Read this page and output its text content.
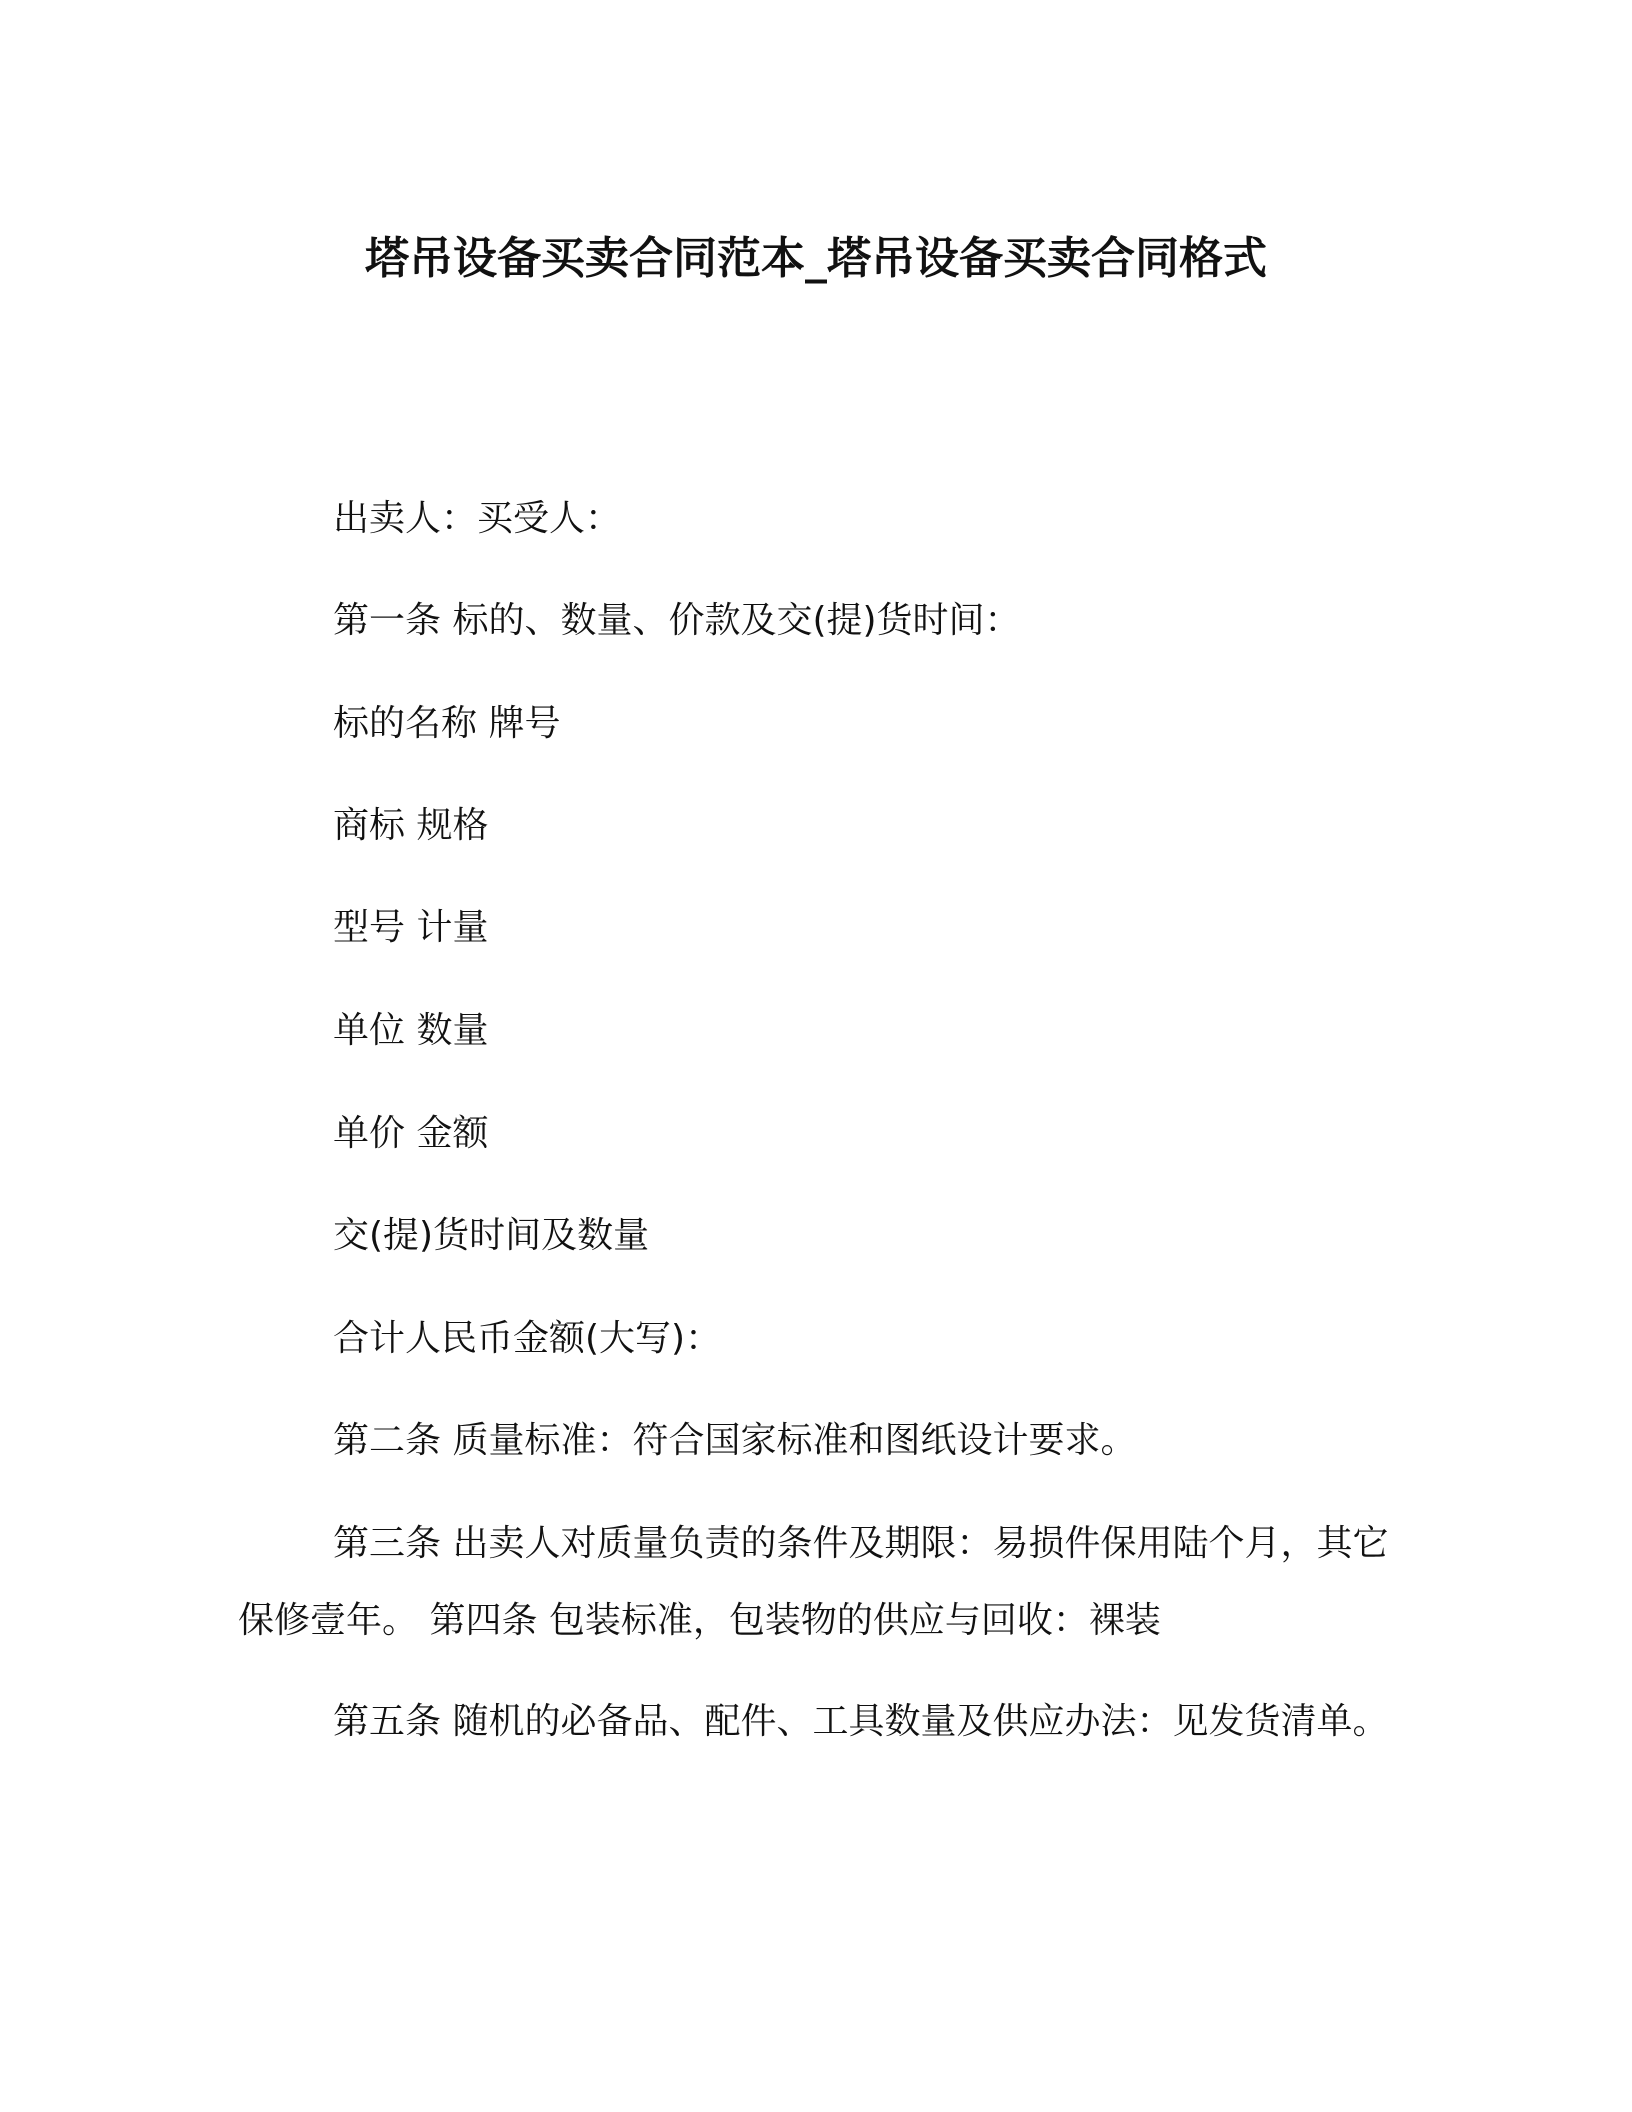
塔吊设备买卖合同范本_塔吊设备买卖合同格式
出卖人：买受人：
第一条 标的、数量、价款及交(提)货时间：
标的名称 牌号
商标 规格
型号 计量
单位 数量
单价 金额
交(提)货时间及数量
合计人民币金额(大写)：
第二条 质量标准：符合国家标准和图纸设计要求。
第三条 出卖人对质量负责的条件及期限：易损件保用陆个月，其它保修壹年。 第四条 包装标准，包装物的供应与回收：裸装
第五条 随机的必备品、配件、工具数量及供应办法：见发货清单。
